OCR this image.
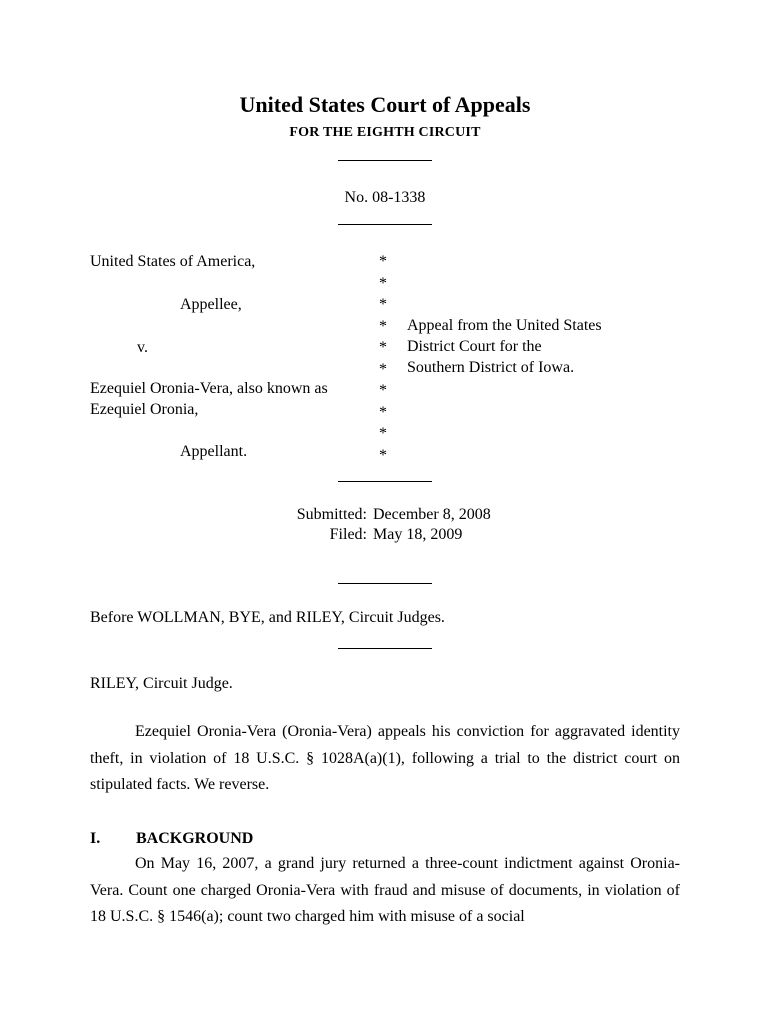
United States Court of Appeals
FOR THE EIGHTH CIRCUIT
No. 08-1338
United States of America,
Appellee,
v.
Ezequiel Oronia-Vera, also known as
Ezequiel Oronia,
Appellant.
*
*
*
*
*
*
*
*
*
*
Appeal from the United States
District Court for the
Southern District of Iowa.
Submitted: December 8, 2008
Filed: May 18, 2009
Before WOLLMAN, BYE, and RILEY, Circuit Judges.
RILEY, Circuit Judge.
Ezequiel Oronia-Vera (Oronia-Vera) appeals his conviction for aggravated identity theft, in violation of 18 U.S.C. § 1028A(a)(1), following a trial to the district court on stipulated facts. We reverse.
I. BACKGROUND
On May 16, 2007, a grand jury returned a three-count indictment against Oronia-Vera. Count one charged Oronia-Vera with fraud and misuse of documents, in violation of 18 U.S.C. § 1546(a); count two charged him with misuse of a social
